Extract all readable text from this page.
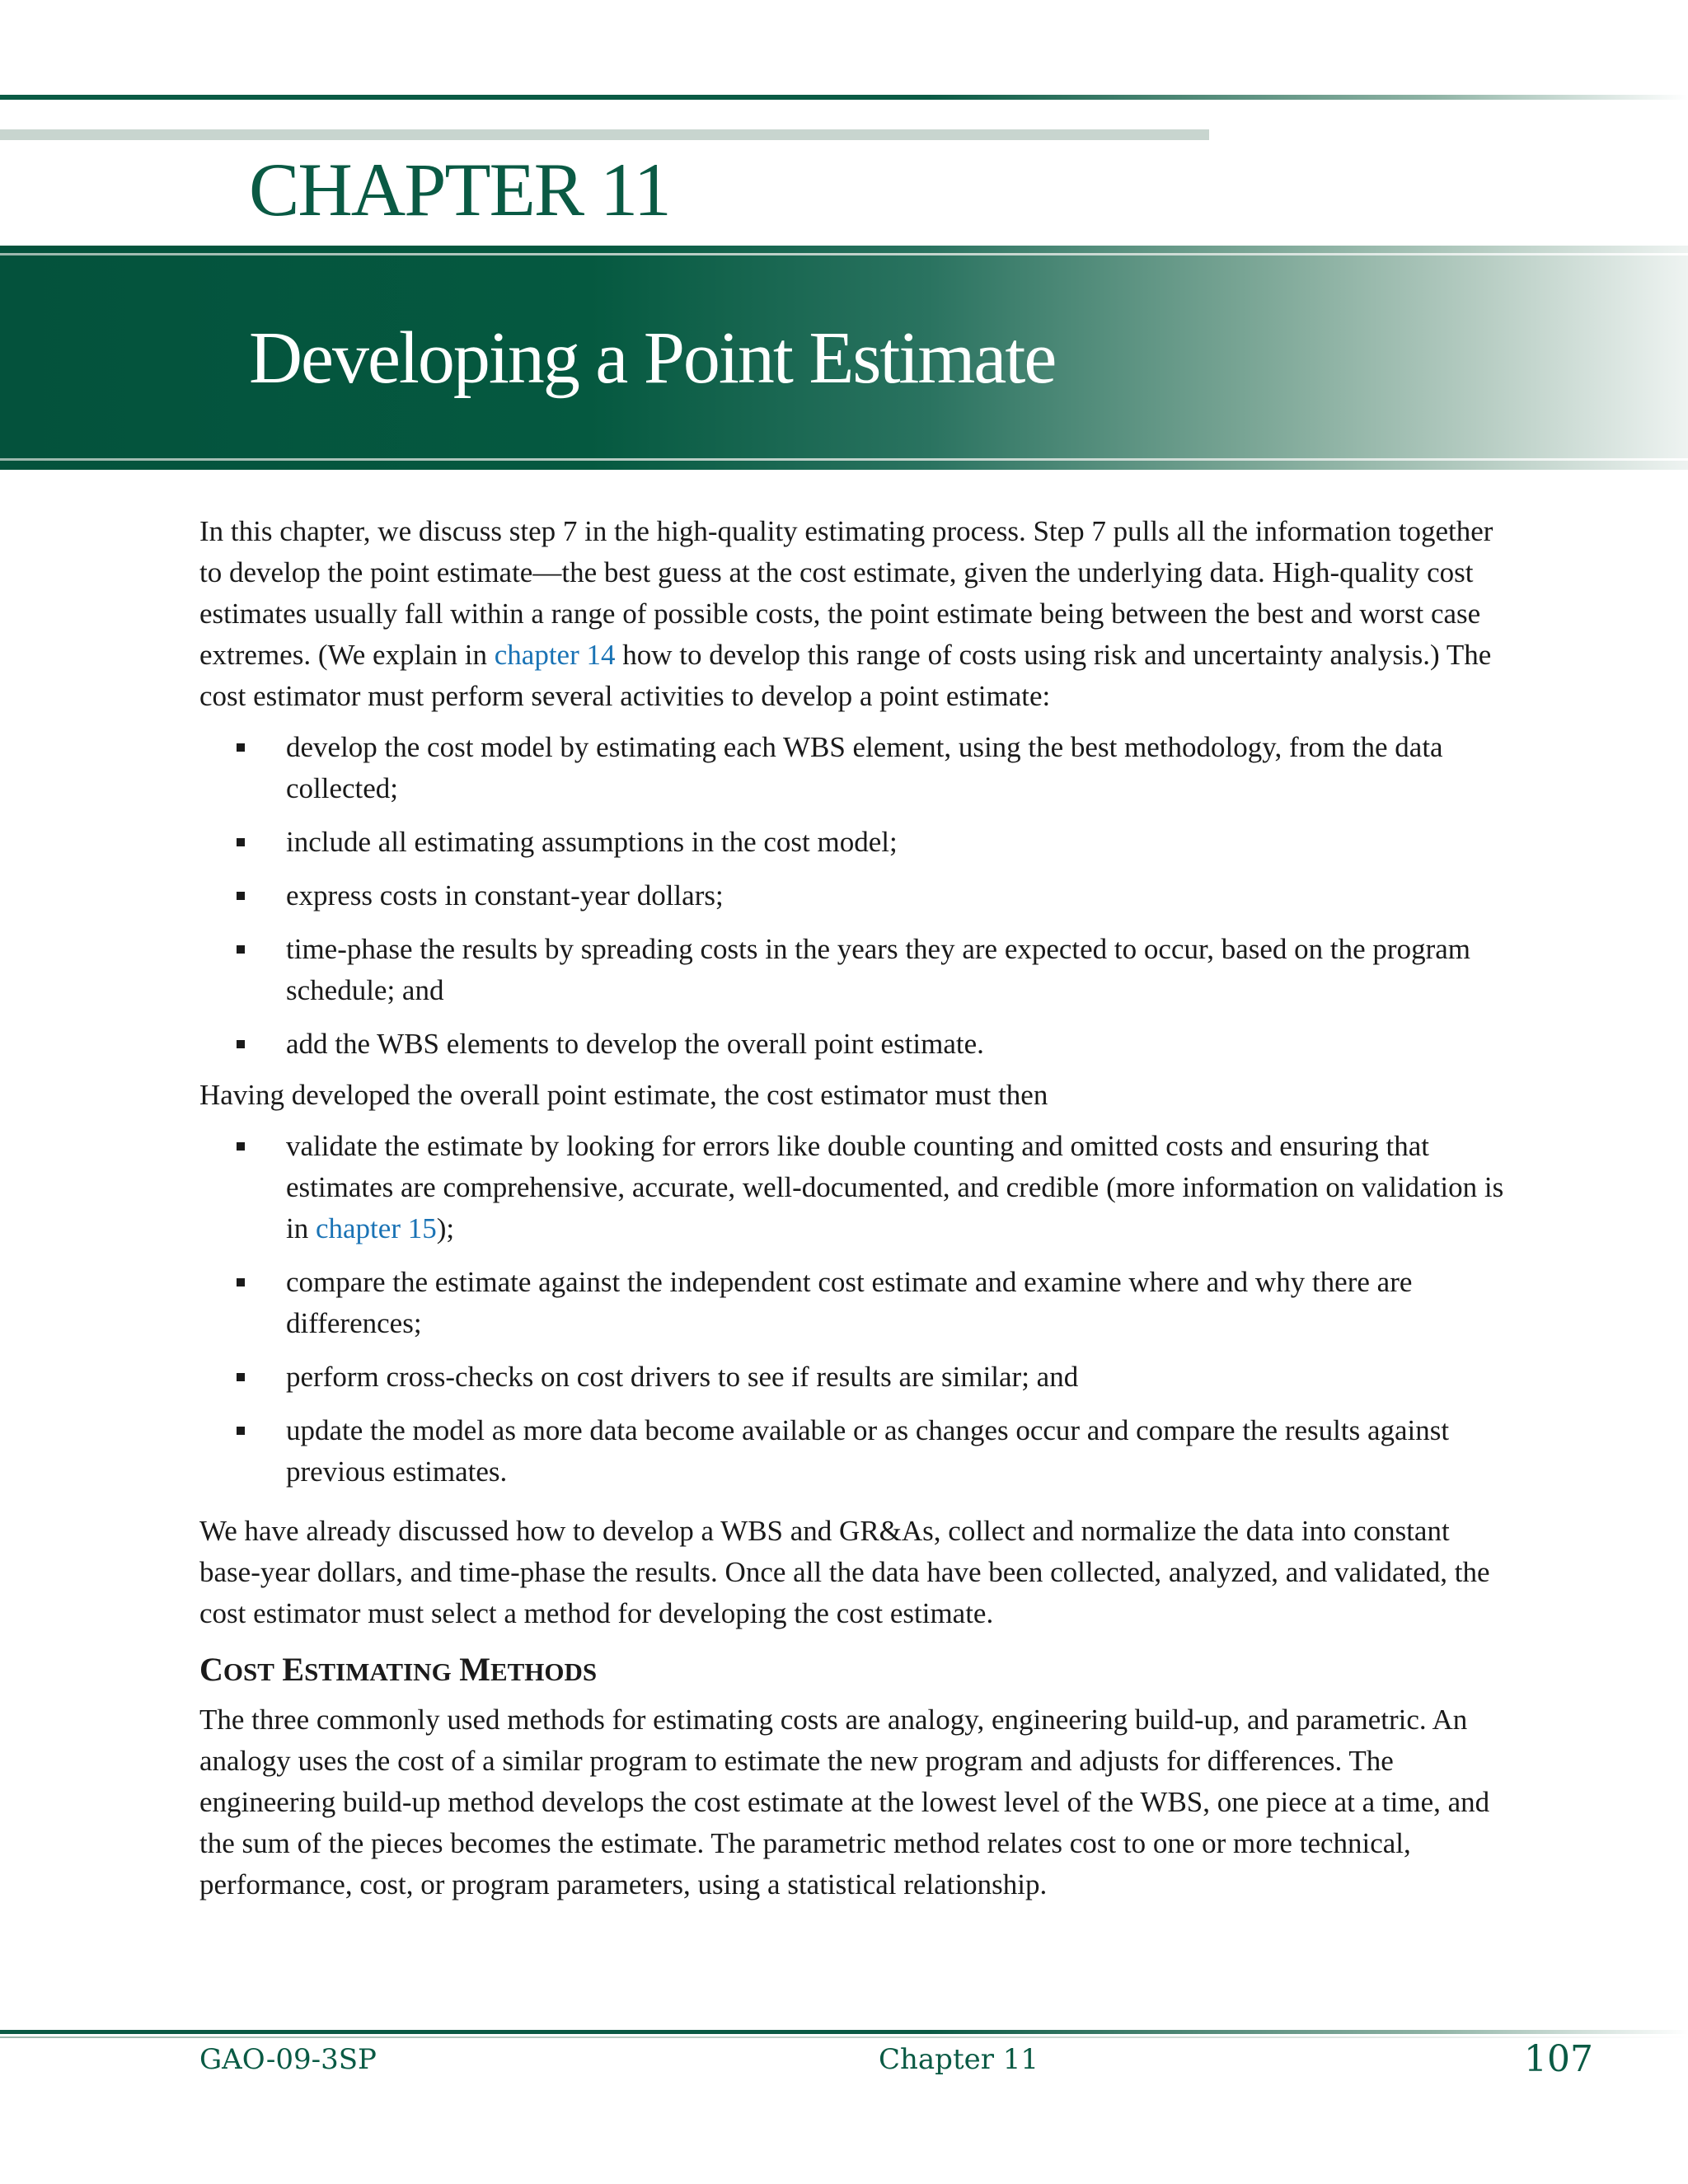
CHAPTER 11
Developing a Point Estimate

In this chapter, we discuss step 7 in the high-quality estimating process. Step 7 pulls all the information together to develop the point estimate—the best guess at the cost estimate, given the underlying data. High-quality cost estimates usually fall within a range of possible costs, the point estimate being between the best and worst case extremes. (We explain in chapter 14 how to develop this range of costs using risk and uncertainty analysis.) The cost estimator must perform several activities to develop a point estimate:

develop the cost model by estimating each WBS element, using the best methodology, from the data collected;
include all estimating assumptions in the cost model;
express costs in constant-year dollars;
time-phase the results by spreading costs in the years they are expected to occur, based on the program schedule; and
add the WBS elements to develop the overall point estimate.

Having developed the overall point estimate, the cost estimator must then

validate the estimate by looking for errors like double counting and omitted costs and ensuring that estimates are comprehensive, accurate, well-documented, and credible (more information on validation is in chapter 15);
compare the estimate against the independent cost estimate and examine where and why there are differences;
perform cross-checks on cost drivers to see if results are similar; and
update the model as more data become available or as changes occur and compare the results against previous estimates.

We have already discussed how to develop a WBS and GR&As, collect and normalize the data into constant base-year dollars, and time-phase the results. Once all the data have been collected, analyzed, and validated, the cost estimator must select a method for developing the cost estimate.

COST ESTIMATING METHODS

The three commonly used methods for estimating costs are analogy, engineering build-up, and parametric. An analogy uses the cost of a similar program to estimate the new program and adjusts for differences. The engineering build-up method develops the cost estimate at the lowest level of the WBS, one piece at a time, and the sum of the pieces becomes the estimate. The parametric method relates cost to one or more technical, performance, cost, or program parameters, using a statistical relationship.

GAO-09-3SP	Chapter 11	107
